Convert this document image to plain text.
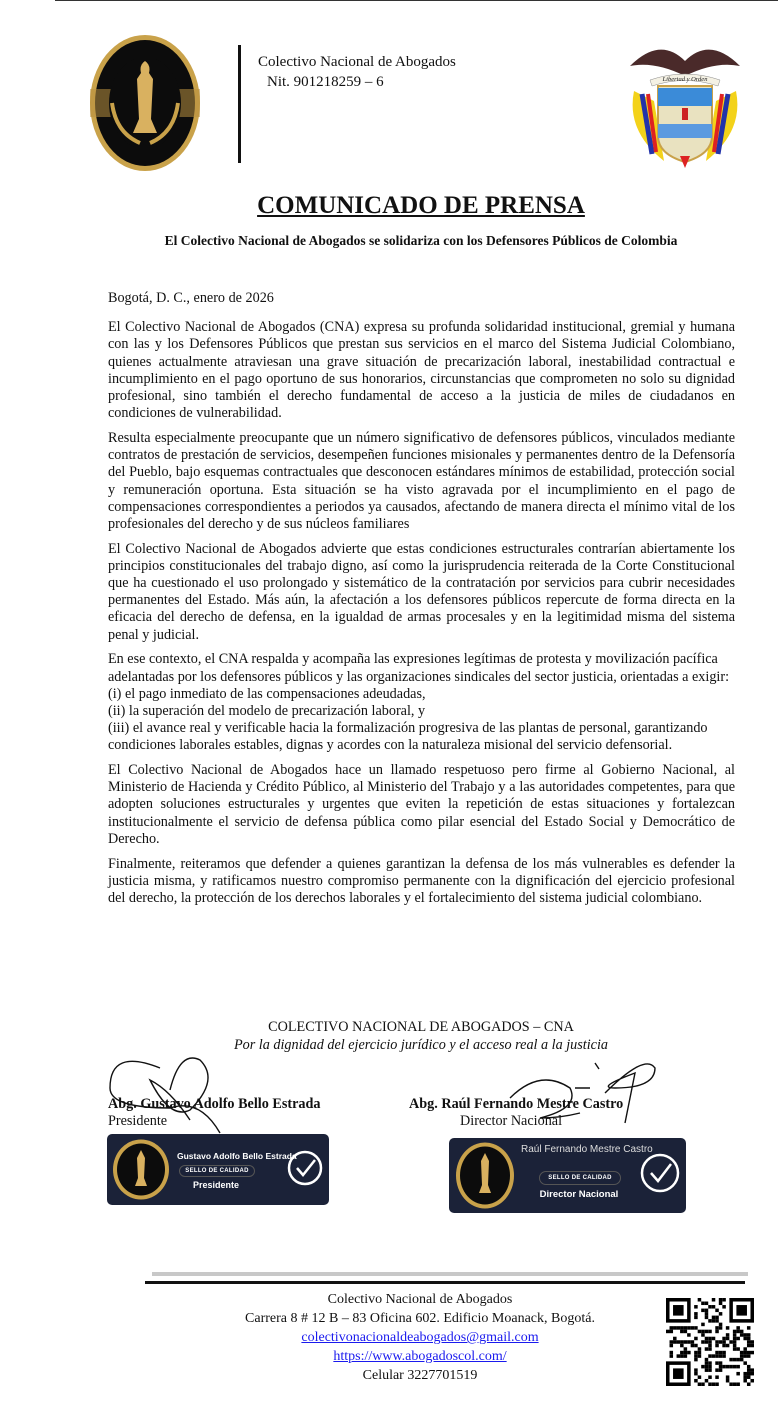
Colectivo Nacional de Abogados
Nit. 901218259 – 6	Libertad y Orden
COMUNICADO DE PRENSA
El Colectivo Nacional de Abogados se solidariza con los Defensores Públicos de Colombia

Bogotá, D. C., enero de 2026

El Colectivo Nacional de Abogados (CNA) expresa su profunda solidaridad institucional, gremial y humana con las y los Defensores Públicos que prestan sus servicios en el marco del Sistema Judicial Colombiano, quienes actualmente atraviesan una grave situación de precarización laboral, inestabilidad contractual e incumplimiento en el pago oportuno de sus honorarios, circunstancias que comprometen no solo su dignidad profesional, sino también el derecho fundamental de acceso a la justicia de miles de ciudadanos en condiciones de vulnerabilidad.

Resulta especialmente preocupante que un número significativo de defensores públicos, vinculados mediante contratos de prestación de servicios, desempeñen funciones misionales y permanentes dentro de la Defensoría del Pueblo, bajo esquemas contractuales que desconocen estándares mínimos de estabilidad, protección social y remuneración oportuna. Esta situación se ha visto agravada por el incumplimiento en el pago de compensaciones correspondientes a periodos ya causados, afectando de manera directa el mínimo vital de los profesionales del derecho y de sus núcleos familiares

El Colectivo Nacional de Abogados advierte que estas condiciones estructurales contrarían abiertamente los principios constitucionales del trabajo digno, así como la jurisprudencia reiterada de la Corte Constitucional que ha cuestionado el uso prolongado y sistemático de la contratación por servicios para cubrir necesidades permanentes del Estado. Más aún, la afectación a los defensores públicos repercute de forma directa en la eficacia del derecho de defensa, en la igualdad de armas procesales y en la legitimidad misma del sistema penal y judicial.

En ese contexto, el CNA respalda y acompaña las expresiones legítimas de protesta y movilización pacífica adelantadas por los defensores públicos y las organizaciones sindicales del sector justicia, orientadas a exigir:
(i) el pago inmediato de las compensaciones adeudadas,
(ii) la superación del modelo de precarización laboral, y
(iii) el avance real y verificable hacia la formalización progresiva de las plantas de personal, garantizando condiciones laborales estables, dignas y acordes con la naturaleza misional del servicio defensorial.

El Colectivo Nacional de Abogados hace un llamado respetuoso pero firme al Gobierno Nacional, al Ministerio de Hacienda y Crédito Público, al Ministerio del Trabajo y a las autoridades competentes, para que adopten soluciones estructurales y urgentes que eviten la repetición de estas situaciones y fortalezcan institucionalmente el servicio de defensa pública como pilar esencial del Estado Social y Democrático de Derecho.

Finalmente, reiteramos que defender a quienes garantizan la defensa de los más vulnerables es defender la justicia misma, y ratificamos nuestro compromiso permanente con la dignificación del ejercicio profesional del derecho, la protección de los derechos laborales y el fortalecimiento del sistema judicial colombiano.

COLECTIVO NACIONAL DE ABOGADOS – CNA
Por la dignidad del ejercicio jurídico y el acceso real a la justicia
Abg. Gustavo Adolfo Bello Estrada
Presidente
Abg. Raúl Fernando Mestre Castro
Director Nacional
Gustavo Adolfo Bello Estrada
SELLO DE CALIDAD
Presidente
Raúl Fernando Mestre Castro
SELLO DE CALIDAD
Director Nacional
Colectivo Nacional de Abogados
Carrera 8 # 12 B – 83 Oficina 602. Edificio Moanack, Bogotá.
colectivonacionaldeabogados@gmail.com
https://www.abogadoscol.com/
Celular 3227701519
